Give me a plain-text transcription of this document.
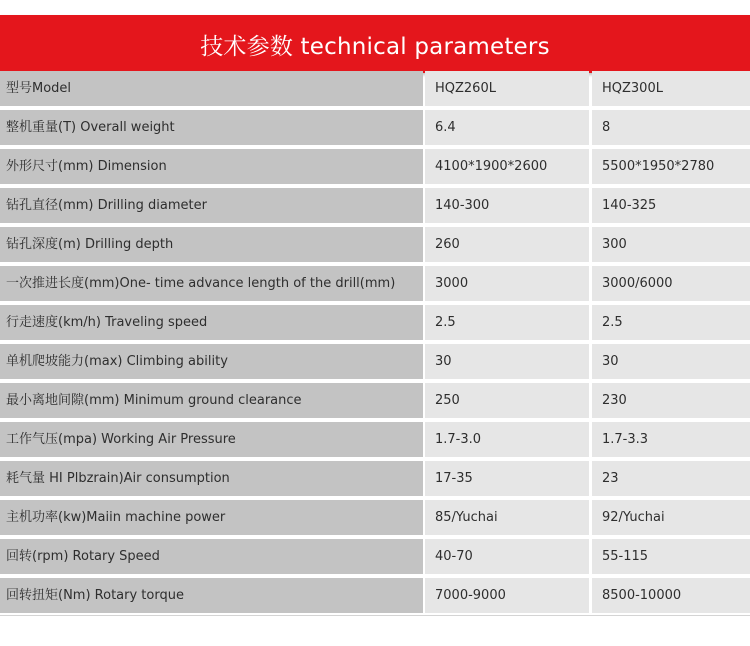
技术参数 technical parameters
型号Model	HQZ260L	HQZ300L
整机重量(T) Overall weight	6.4	8
外形尺寸(mm) Dimension	4100*1900*2600	5500*1950*2780
钻孔直径(mm) Drilling diameter	140-300	140-325
钻孔深度(m) Drilling depth	260	300
一次推进长度(mm)One- time advance length of the drill(mm)	3000	3000/6000
行走速度(km/h) Traveling speed	2.5	2.5
单机爬坡能力(max) Climbing ability	30	30
最小离地间隙(mm) Minimum ground clearance	250	230
工作气压(mpa) Working Air Pressure	1.7-3.0	1.7-3.3
耗气量 HI Plbzrain)Air consumption	17-35	23
主机功率(kw)Maiin machine power	85/Yuchai	92/Yuchai
回转(rpm) Rotary Speed	40-70	55-115
回转扭矩(Nm) Rotary torque	7000-9000	8500-10000
